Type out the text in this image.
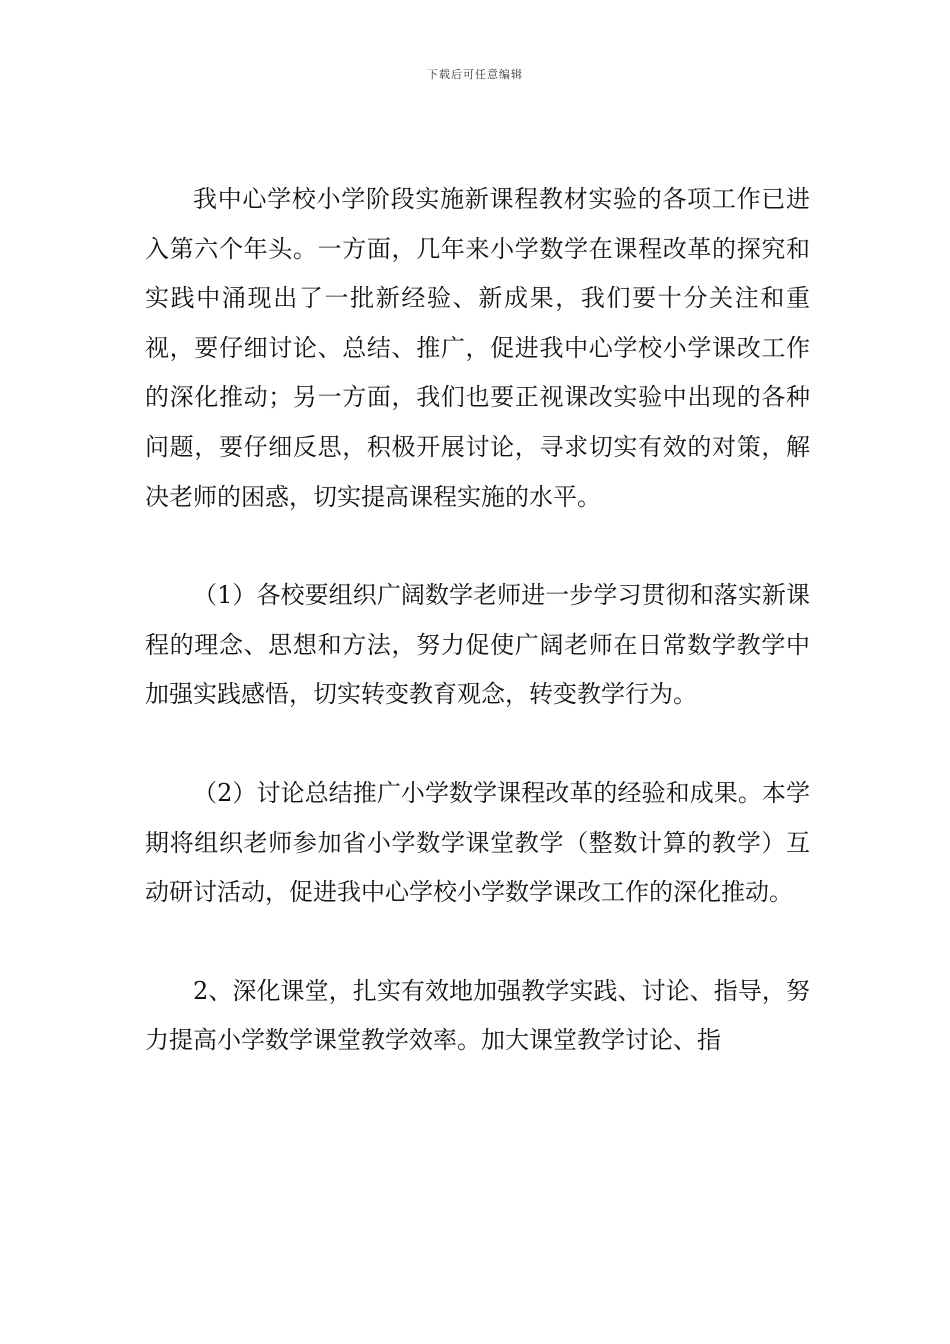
下载后可任意编辑

我中心学校小学阶段实施新课程教材实验的各项工作已进入第六个年头。一方面，几年来小学数学在课程改革的探究和实践中涌现出了一批新经验、新成果，我们要十分关注和重视，要仔细讨论、总结、推广，促进我中心学校小学课改工作的深化推动；另一方面，我们也要正视课改实验中出现的各种问题，要仔细反思，积极开展讨论，寻求切实有效的对策，解决老师的困惑，切实提高课程实施的水平。

（1）各校要组织广阔数学老师进一步学习贯彻和落实新课程的理念、思想和方法，努力促使广阔老师在日常数学教学中加强实践感悟，切实转变教育观念，转变教学行为。

（2）讨论总结推广小学数学课程改革的经验和成果。本学期将组织老师参加省小学数学课堂教学（整数计算的教学）互动研讨活动，促进我中心学校小学数学课改工作的深化推动。

2、深化课堂，扎实有效地加强教学实践、讨论、指导，努力提高小学数学课堂教学效率。加大课堂教学讨论、指
